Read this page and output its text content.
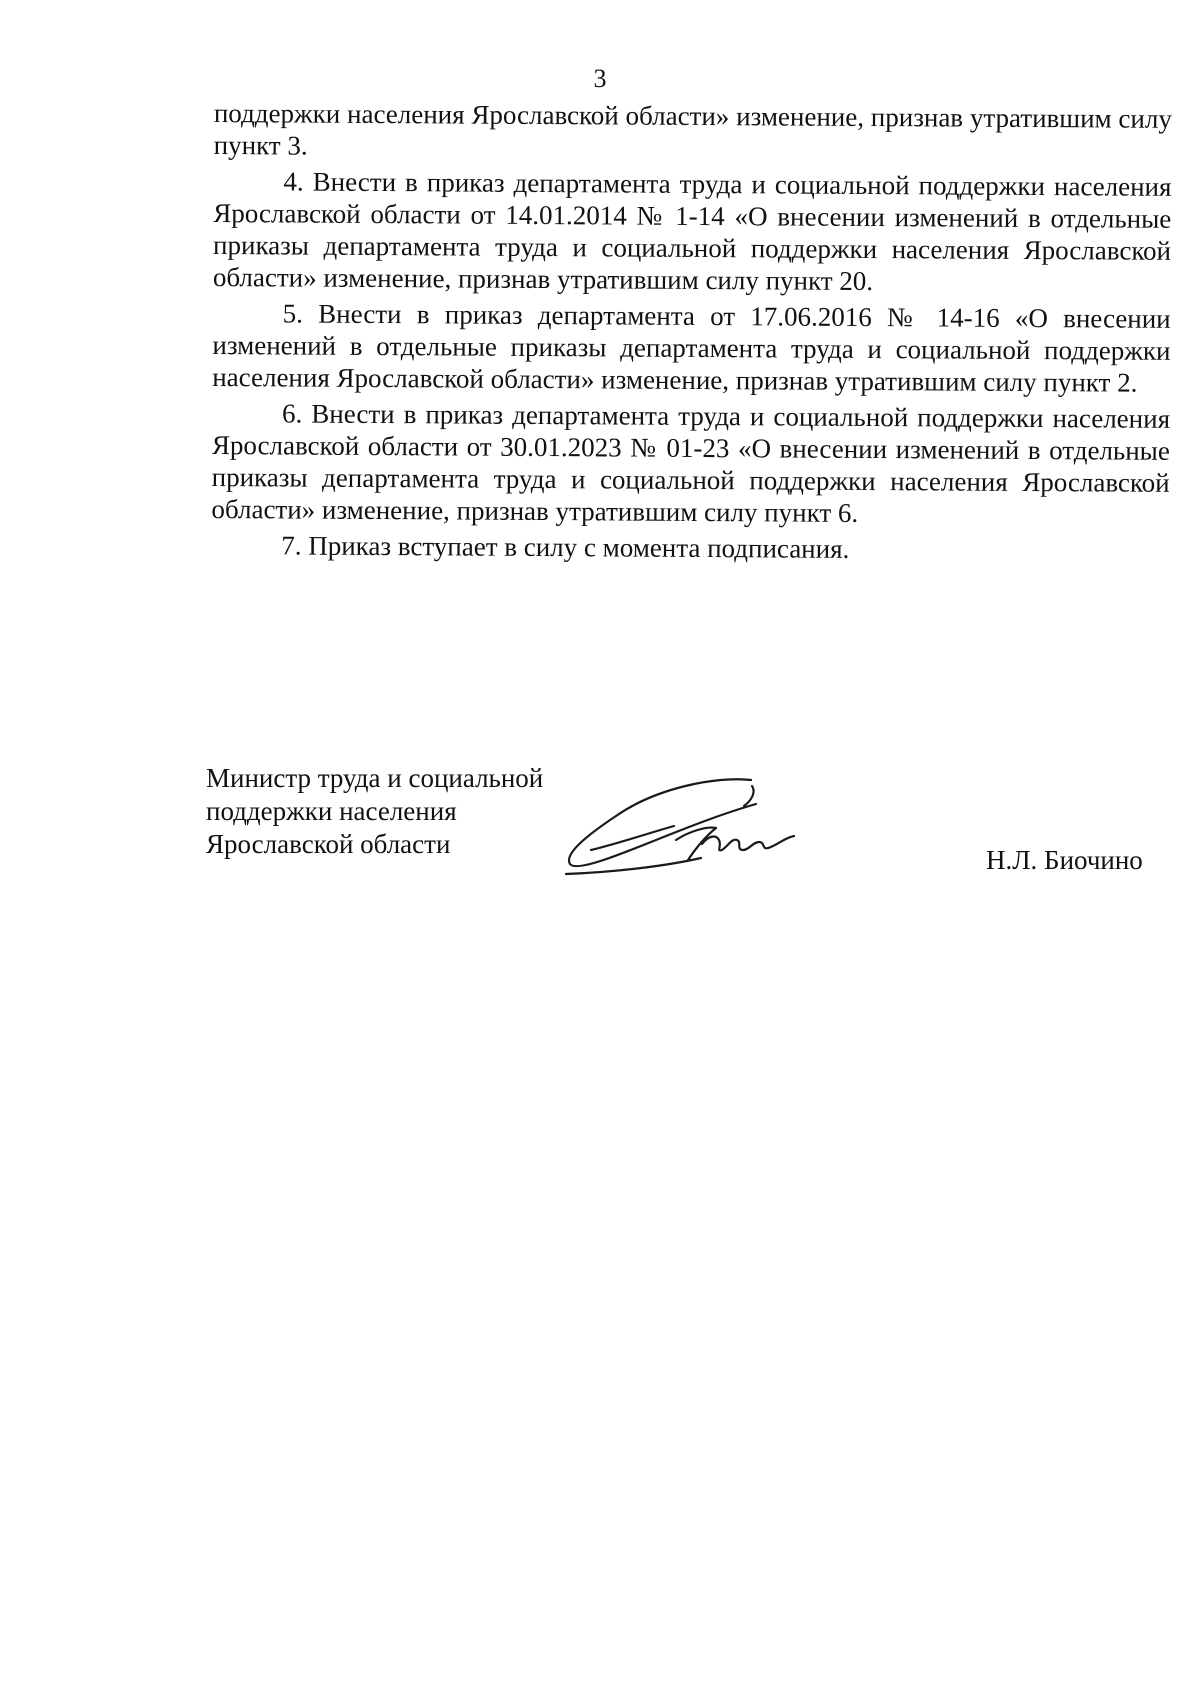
3

поддержки населения Ярославской области» изменение, признав утратившим силу пункт 3.

4. Внести в приказ департамента труда и социальной поддержки населения Ярославской области от 14.01.2014 № 1-14 «О внесении изменений в отдельные приказы департамента труда и социальной поддержки населения Ярославской области» изменение, признав утратившим силу пункт 20.

5. Внести в приказ департамента от 17.06.2016 № 14-16 «О внесении изменений в отдельные приказы департамента труда и социальной поддержки населения Ярославской области» изменение, признав утратившим силу пункт 2.

6. Внести в приказ департамента труда и социальной поддержки населения Ярославской области от 30.01.2023 № 01-23 «О внесении изменений в отдельные приказы департамента труда и социальной поддержки населения Ярославской области» изменение, признав утратившим силу пункт 6.

7. Приказ вступает в силу с момента подписания.

Министр труда и социальной
поддержки населения
Ярославской области
Н.Л. Биочино
